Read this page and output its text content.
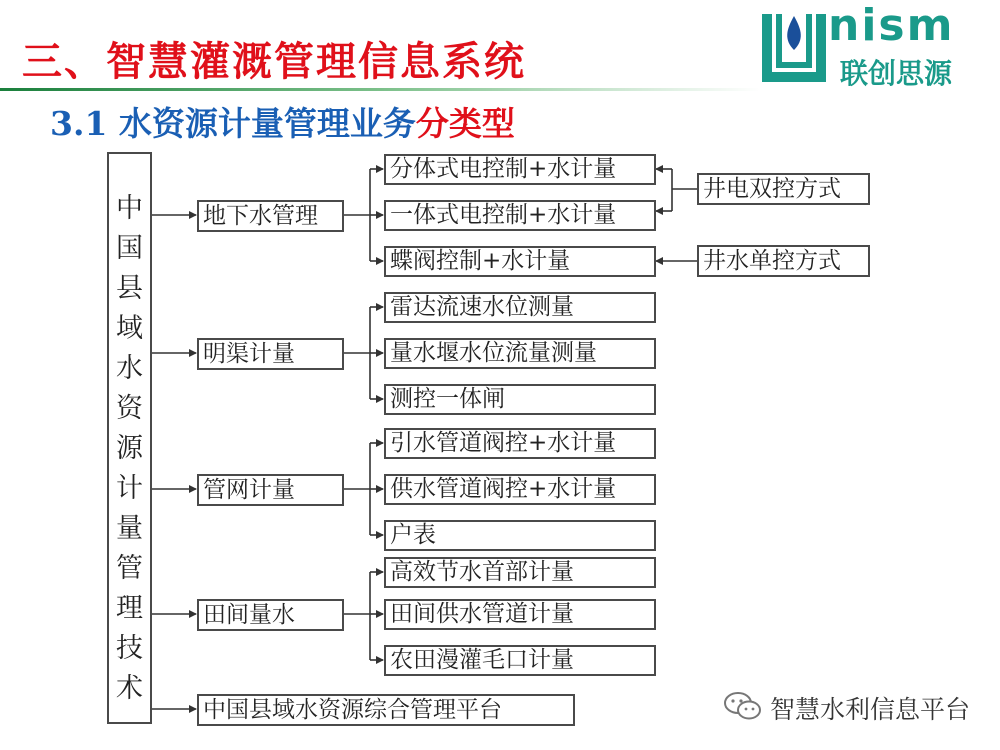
三、智慧灌溉管理信息系统
3.1 水资源计量管理业务分类型
nism
联创思源
中
国
县
域
水
资
源
计
量
管
理
技
术
地下水管理
明渠计量
管网计量
田间量水
中国县域水资源综合管理平台
分体式电控制+水计量
一体式电控制+水计量
蝶阀控制+水计量
雷达流速水位测量
量水堰水位流量测量
测控一体闸
引水管道阀控+水计量
供水管道阀控+水计量
户表
高效节水首部计量
田间供水管道计量
农田漫灌毛口计量
井电双控方式
井水单控方式
智慧水利信息平台
